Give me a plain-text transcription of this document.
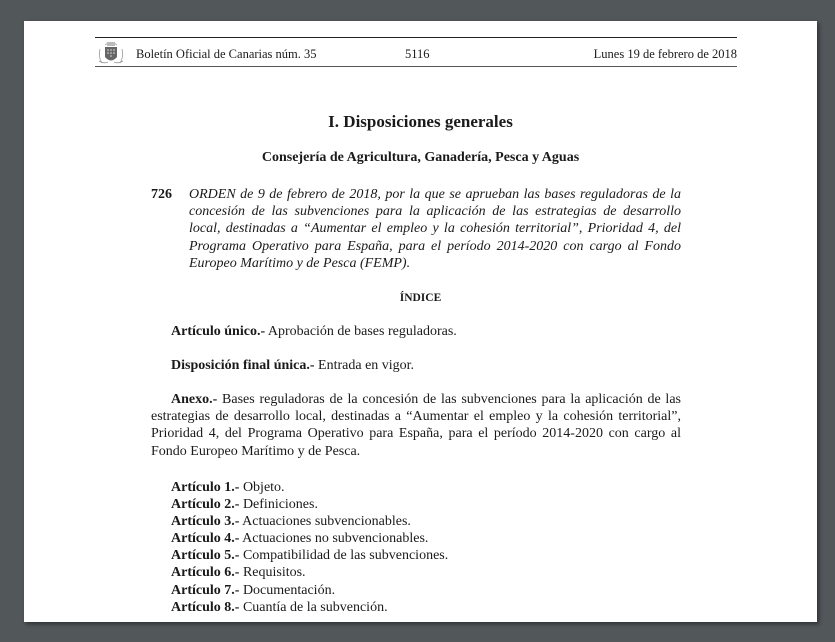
Boletín Oficial de Canarias núm. 35	5116	Lunes 19 de febrero de 2018
I. Disposiciones generales
Consejería de Agricultura, Ganadería, Pesca y Aguas
726 ORDEN de 9 de febrero de 2018, por la que se aprueban las bases reguladoras de la concesión de las subvenciones para la aplicación de las estrategias de desarrollo local, destinadas a “Aumentar el empleo y la cohesión territorial”, Prioridad 4, del Programa Operativo para España, para el período 2014-2020 con cargo al Fondo Europeo Marítimo y de Pesca (FEMP).
ÍNDICE
Artículo único.- Aprobación de bases reguladoras.
Disposición final única.- Entrada en vigor.
Anexo.- Bases reguladoras de la concesión de las subvenciones para la aplicación de las estrategias de desarrollo local, destinadas a “Aumentar el empleo y la cohesión territorial”, Prioridad 4, del Programa Operativo para España, para el período 2014-2020 con cargo al Fondo Europeo Marítimo y de Pesca.
Artículo 1.- Objeto.
Artículo 2.- Definiciones.
Artículo 3.- Actuaciones subvencionables.
Artículo 4.- Actuaciones no subvencionables.
Artículo 5.- Compatibilidad de las subvenciones.
Artículo 6.- Requisitos.
Artículo 7.- Documentación.
Artículo 8.- Cuantía de la subvención.
